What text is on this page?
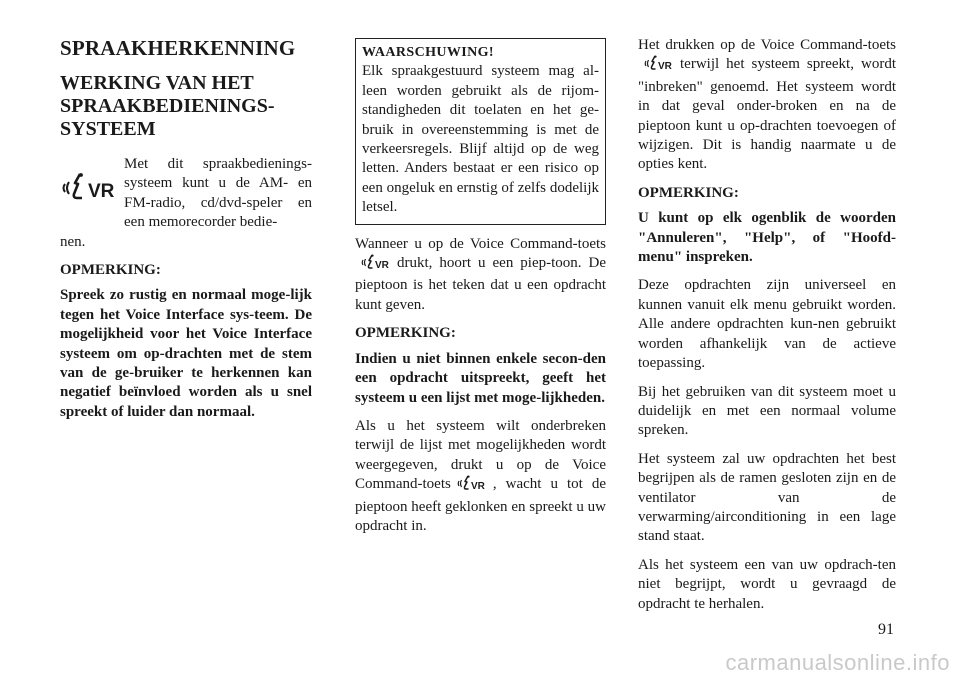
SPRAAKHERKENNING
WERKING VAN HET
SPRAAKBEDIENINGS-
SYSTEEM
VR
Met dit spraakbedienings-systeem kunt u de AM- en FM-radio, cd/dvd-speler en een memorecorder bedie-

nen.

OPMERKING:

Spreek zo rustig en normaal moge-lijk tegen het Voice Interface sys-teem. De mogelijkheid voor het Voice Interface systeem om op-drachten met de stem van de ge-bruiker te herkennen kan negatief beïnvloed worden als u snel spreekt of luider dan normaal.

WAARSCHUWING!
Elk spraakgestuurd systeem mag al-leen worden gebruikt als de rijom-standigheden dit toelaten en het ge-bruik in overeenstemming is met de verkeersregels. Blijf altijd op de weg letten. Anders bestaat er een risico op een ongeluk en ernstig of zelfs dodelijk letsel.

Wanneer u op de Voice Command-toets
VR drukt, hoort u een piep-toon. De pieptoon is het teken dat u een opdracht kunt geven.

OPMERKING:

Indien u niet binnen enkele secon-den een opdracht uitspreekt, geeft het systeem u een lijst met moge-lijkheden.

Als u het systeem wilt onderbreken terwijl de lijst met mogelijkheden wordt weergegeven, drukt u op de Voice Command-toets VR , wacht u tot de pieptoon heeft geklonken en spreekt u uw opdracht in.

Het drukken op de Voice Command-toets
VR terwijl het systeem spreekt, wordt "inbreken" genoemd. Het systeem wordt in dat geval onder-broken en na de pieptoon kunt u op-drachten toevoegen of wijzigen. Dit is handig naarmate u de opties kent.

OPMERKING:

U kunt op elk ogenblik de woorden "Annuleren", "Help", of "Hoofd-menu" inspreken.

Deze opdrachten zijn universeel en kunnen vanuit elk menu gebruikt worden. Alle andere opdrachten kun-nen gebruikt worden afhankelijk van de actieve toepassing.

Bij het gebruiken van dit systeem moet u duidelijk en met een normaal volume spreken.

Het systeem zal uw opdrachten het best begrijpen als de ramen gesloten zijn en de ventilator van de verwarming/airconditioning in een lage stand staat.

Als het systeem een van uw opdrach-ten niet begrijpt, wordt u gevraagd de opdracht te herhalen.

91
carmanualsonline.info
